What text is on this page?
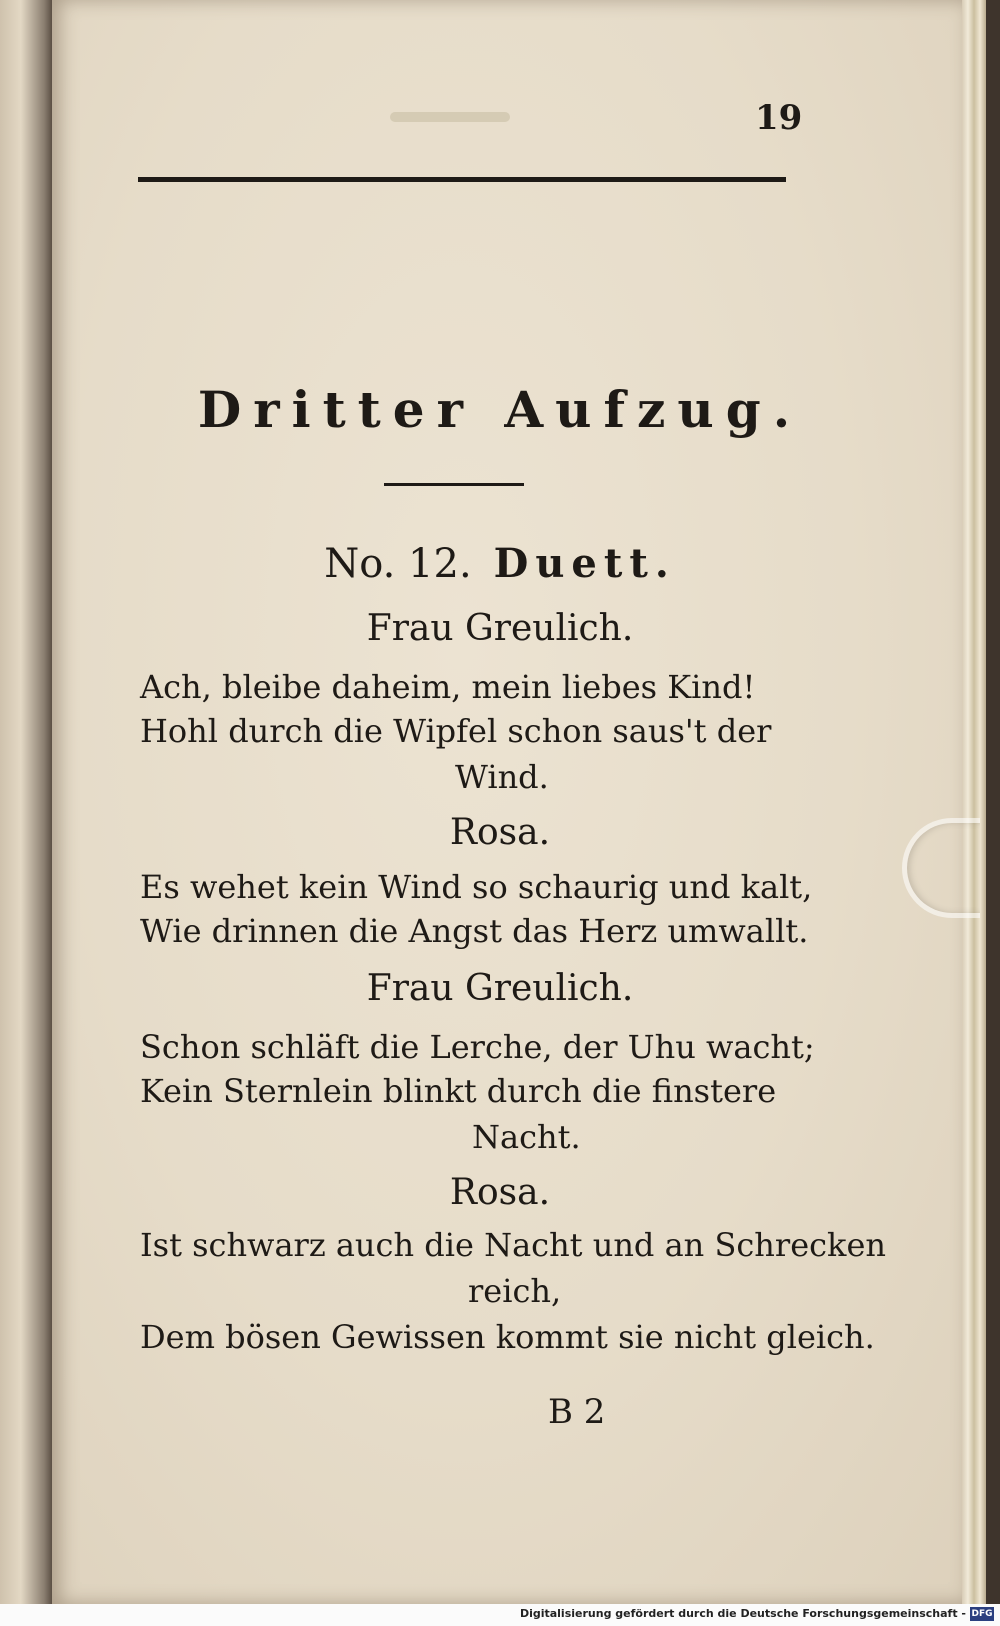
19
Dritter Aufzug.
No. 12. Duett.
Frau Greulich.
Ach, bleibe daheim, mein liebes Kind!
Hohl durch die Wipfel schon saus't der
Wind.
Rosa.
Es wehet kein Wind so schaurig und kalt,
Wie drinnen die Angst das Herz umwallt.
Frau Greulich.
Schon schläft die Lerche, der Uhu wacht;
Kein Sternlein blinkt durch die finstere
Nacht.
Rosa.
Ist schwarz auch die Nacht und an Schrecken
reich,
Dem bösen Gewissen kommt sie nicht gleich.
B 2
Digitalisierung gefördert durch die Deutsche Forschungsgemeinschaft - DFG
